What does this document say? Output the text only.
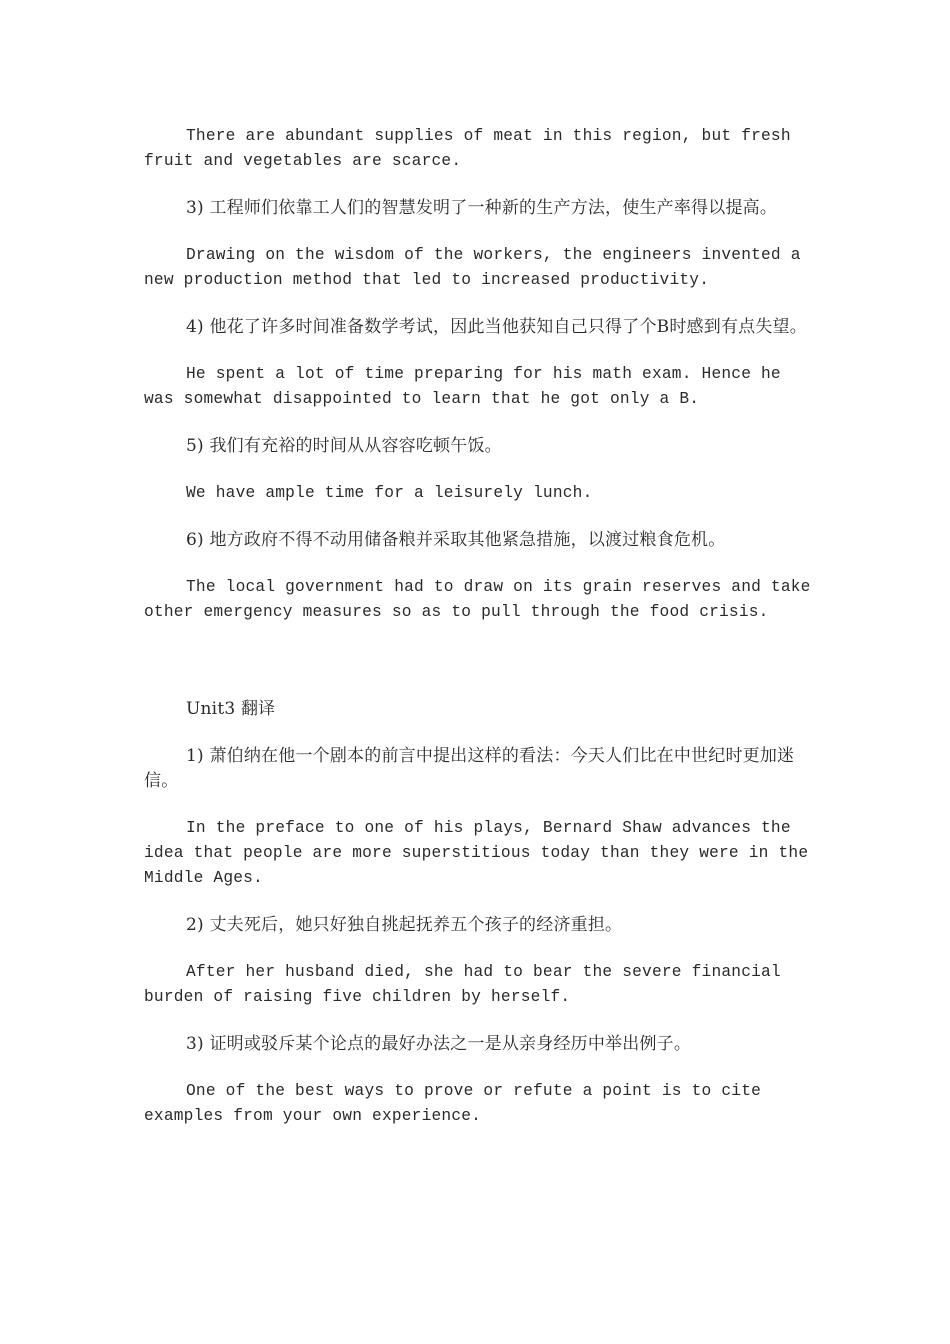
There are abundant supplies of meat in this region, but fresh fruit and vegetables are scarce.

3) 工程师们依靠工人们的智慧发明了一种新的生产方法，使生产率得以提高。

Drawing on the wisdom of the workers, the engineers invented a new production method that led to increased productivity.

4) 他花了许多时间准备数学考试，因此当他获知自己只得了个B时感到有点失望。

He spent a lot of time preparing for his math exam. Hence he was somewhat disappointed to learn that he got only a B.

5) 我们有充裕的时间从从容容吃顿午饭。

We have ample time for a leisurely lunch.

6) 地方政府不得不动用储备粮并采取其他紧急措施，以渡过粮食危机。

The local government had to draw on its grain reserves and take other emergency measures so as to pull through the food crisis.

Unit3 翻译

1) 萧伯纳在他一个剧本的前言中提出这样的看法：今天人们比在中世纪时更加迷信。

In the preface to one of his plays, Bernard Shaw advances the idea that people are more superstitious today than they were in the Middle Ages.

2) 丈夫死后，她只好独自挑起抚养五个孩子的经济重担。

After her husband died, she had to bear the severe financial burden of raising five children by herself.

3) 证明或驳斥某个论点的最好办法之一是从亲身经历中举出例子。

One of the best ways to prove or refute a point is to cite examples from your own experience.
